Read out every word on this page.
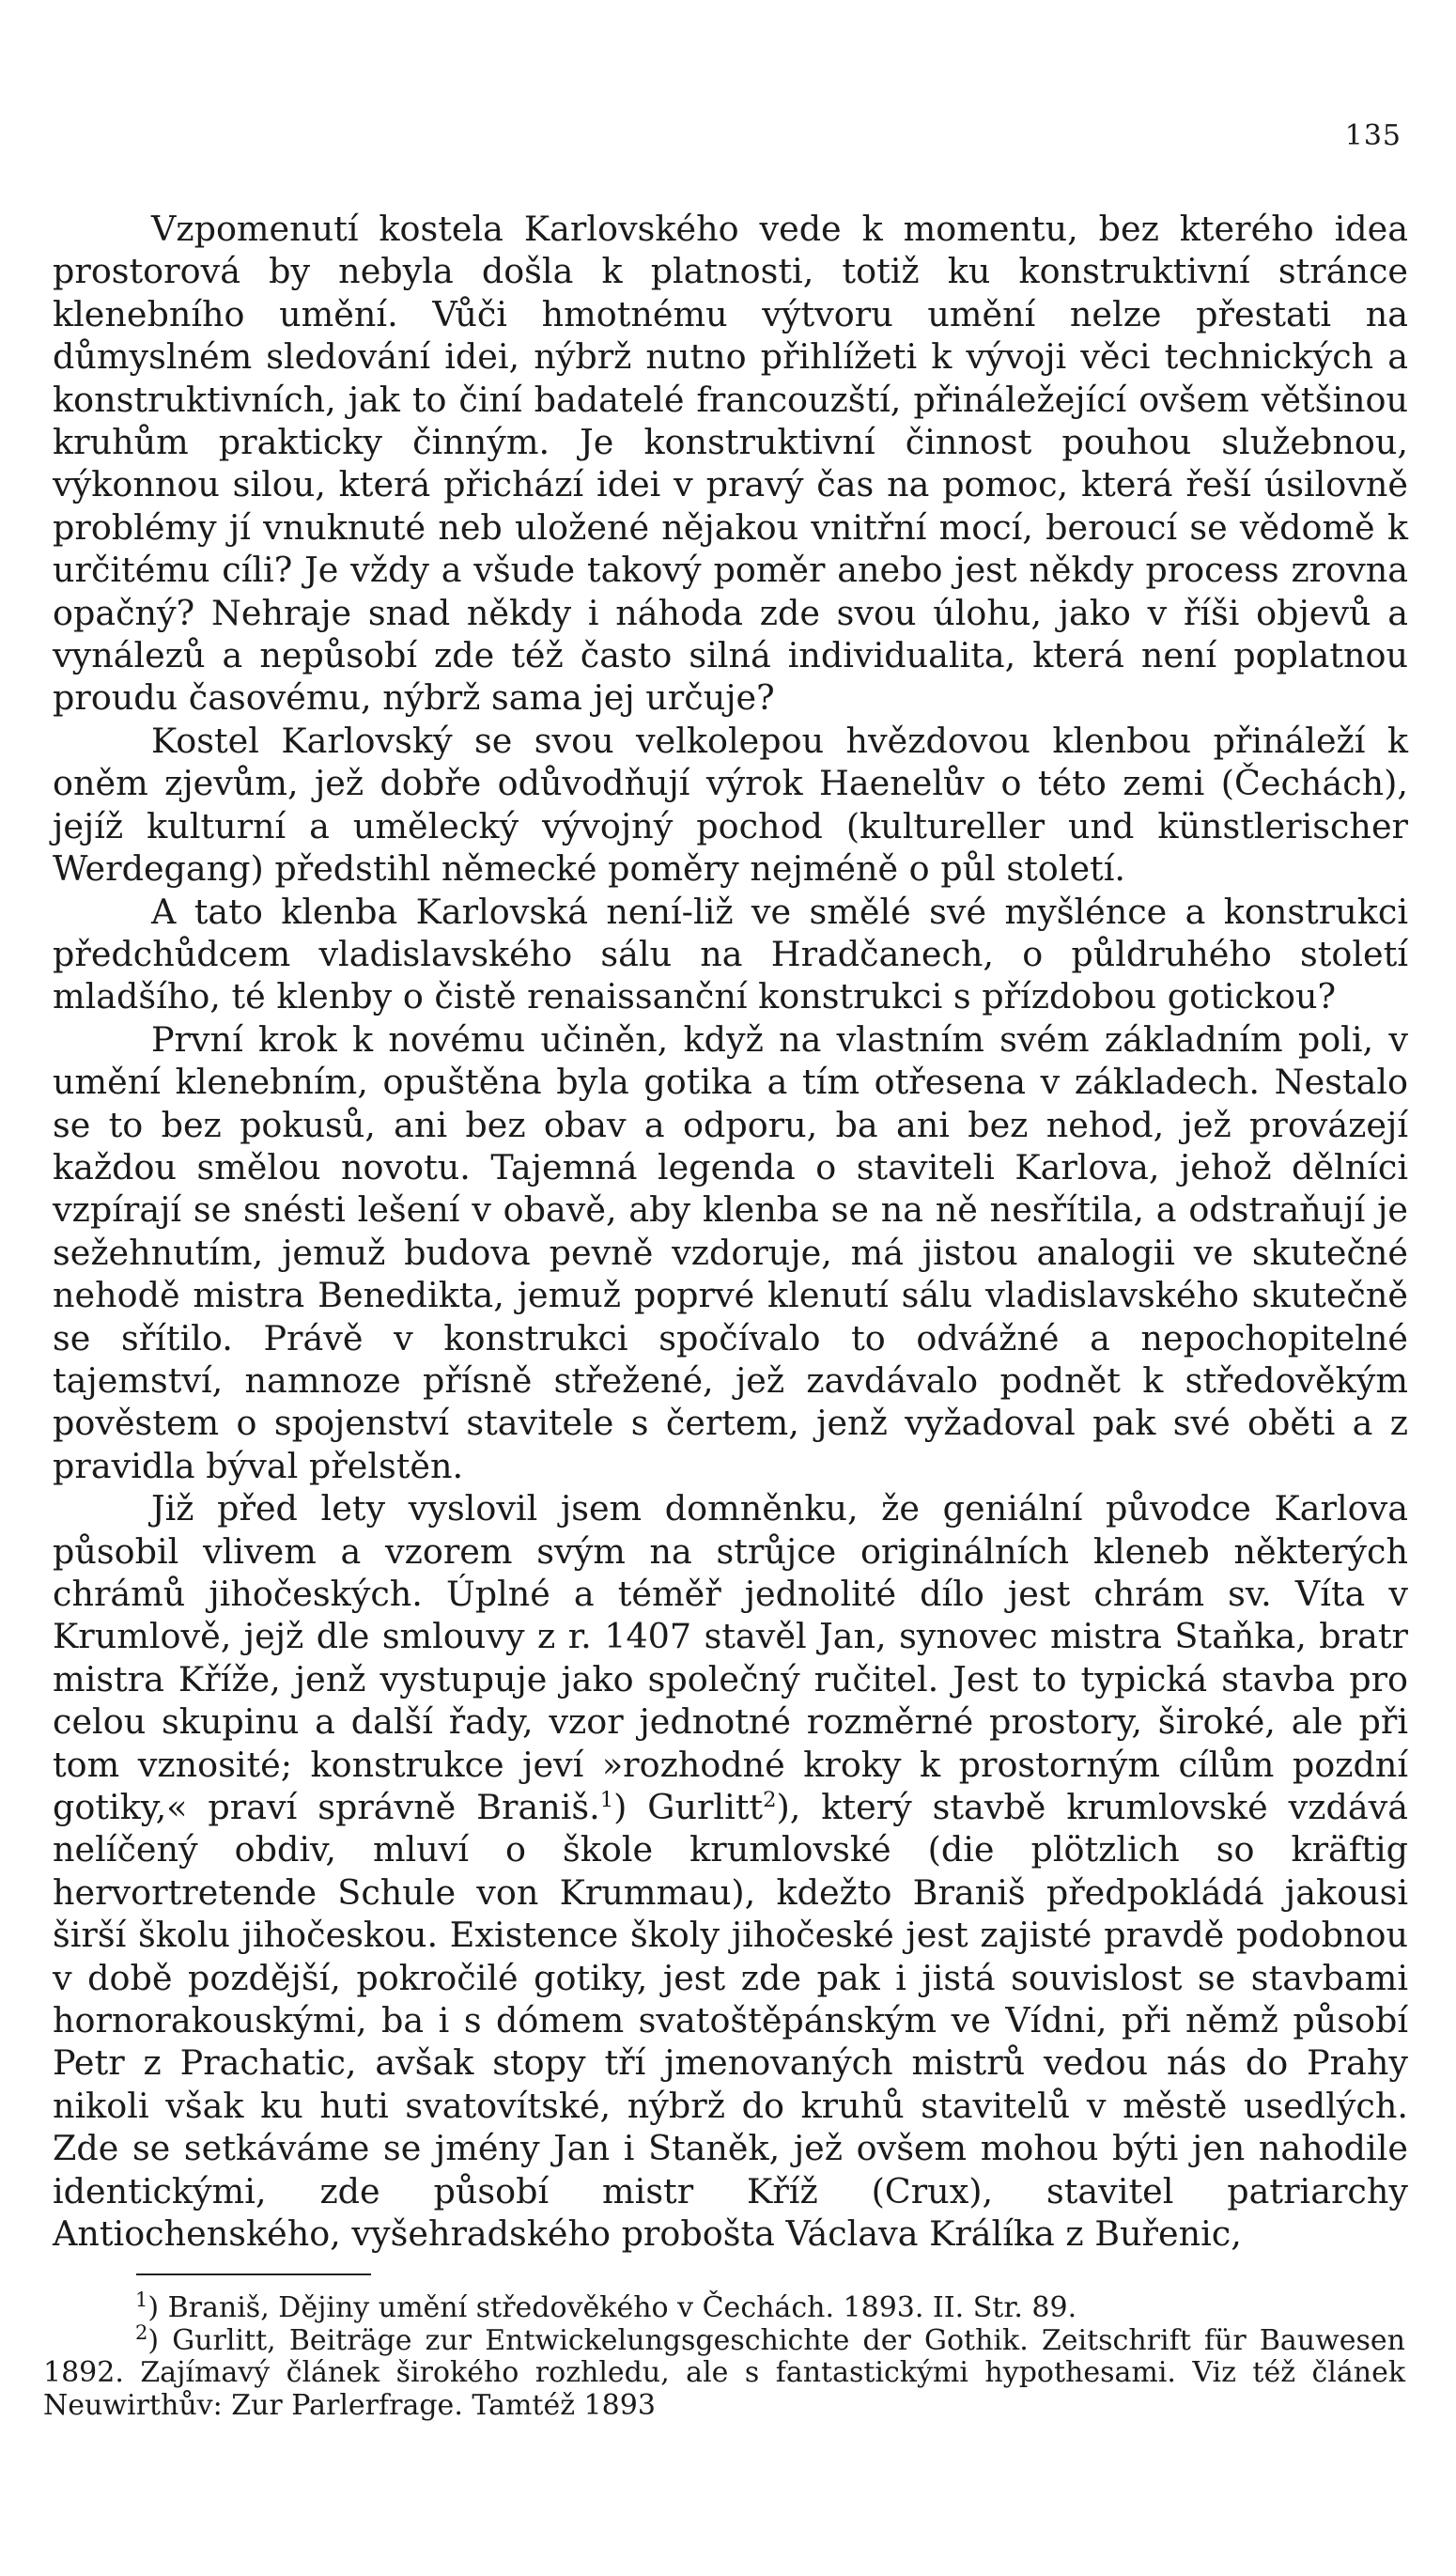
135

Vzpomenutí kostela Karlovského vede k momentu, bez kterého idea prostorová by nebyla došla k platnosti, totiž ku konstruktivní stránce klenebního umění. Vůči hmotnému výtvoru umění nelze přestati na důmyslném sledování idei, nýbrž nutno přihlížeti k vývoji věci technických a konstruktivních, jak to činí badatelé francouzští, přináležející ovšem většinou kruhům prakticky činným. Je konstruktivní činnost pouhou služebnou, výkonnou silou, která přichází idei v pravý čas na pomoc, která řeší úsilovně problémy jí vnuknuté neb uložené nějakou vnitřní mocí, beroucí se vědomě k určitému cíli? Je vždy a všude takový poměr anebo jest někdy process zrovna opačný? Nehraje snad někdy i náhoda zde svou úlohu, jako v říši objevů a vynálezů a nepůsobí zde též často silná individualita, která není poplatnou proudu časovému, nýbrž sama jej určuje?

Kostel Karlovský se svou velkolepou hvězdovou klenbou přináleží k oněm zjevům, jež dobře odůvodňují výrok Haenelův o této zemi (Čechách), jejíž kulturní a umělecký vývojný pochod (kultureller und künstlerischer Werdegang) předstihl německé poměry nejméně o půl století.

A tato klenba Karlovská není-liž ve smělé své myšlénce a konstrukci předchůdcem vladislavského sálu na Hradčanech, o půldruhého století mladšího, té klenby o čistě renaissanční konstrukci s přízdobou gotickou?

První krok k novému učiněn, když na vlastním svém základním poli, v umění klenebním, opuštěna byla gotika a tím otřesena v základech. Nestalo se to bez pokusů, ani bez obav a odporu, ba ani bez nehod, jež provázejí každou smělou novotu. Tajemná legenda o staviteli Karlova, jehož dělníci vzpírají se snésti lešení v obavě, aby klenba se na ně nesřítila, a odstraňují je sežehnutím, jemuž budova pevně vzdoruje, má jistou analogii ve skutečné nehodě mistra Benedikta, jemuž poprvé klenutí sálu vladislavského skutečně se sřítilo. Právě v konstrukci spočívalo to odvážné a nepochopitelné tajemství, namnoze přísně střežené, jež zavdávalo podnět k středověkým pověstem o spojenství stavitele s čertem, jenž vyžadoval pak své oběti a z pravidla býval přelstěn.

Již před lety vyslovil jsem domněnku, že geniální původce Karlova působil vlivem a vzorem svým na strůjce originálních kleneb některých chrámů jihočeských. Úplné a téměř jednolité dílo jest chrám sv. Víta v Krumlově, jejž dle smlouvy z r. 1407 stavěl Jan, synovec mistra Staňka, bratr mistra Kříže, jenž vystupuje jako společný ručitel. Jest to typická stavba pro celou skupinu a další řady, vzor jednotné rozměrné prostory, široké, ale při tom vznosité; konstrukce jeví »rozhodné kroky k prostorným cílům pozdní gotiky,« praví správně Braniš.$^1$) Gurlitt$^2$), který stavbě krumlovské vzdává nelíčený obdiv, mluví o škole krumlovské (die plötzlich so kräftig hervortretende Schule von Krummau), kdežto Braniš předpokládá jakousi širší školu jihočeskou. Existence školy jihočeské jest zajisté pravdě podobnou v době pozdější, pokročilé gotiky, jest zde pak i jistá souvislost se stavbami hornorakouskými, ba i s dómem svatoštěpánským ve Vídni, při němž působí Petr z Prachatic, avšak stopy tří jmenovaných mistrů vedou nás do Prahy nikoli však ku huti svatovítské, nýbrž do kruhů stavitelů v městě usedlých. Zde se setkáváme se jmény Jan i Staněk, jež ovšem mohou býti jen nahodile identickými, zde působí mistr Kříž (Crux), stavitel patriarchy Antiochenského, vyšehradského probošta Václava Králíka z Buřenic,

$^1$) Braniš, Dějiny umění středověkého v Čechách. 1893. II. Str. 89.

$^2$) Gurlitt, Beiträge zur Entwickelungsgeschichte der Gothik. Zeitschrift für Bauwesen 1892. Zajímavý článek širokého rozhledu, ale s fantastickými hypothesami. Viz též článek Neuwirthův: Zur Parlerfrage. Tamtéž 1893
